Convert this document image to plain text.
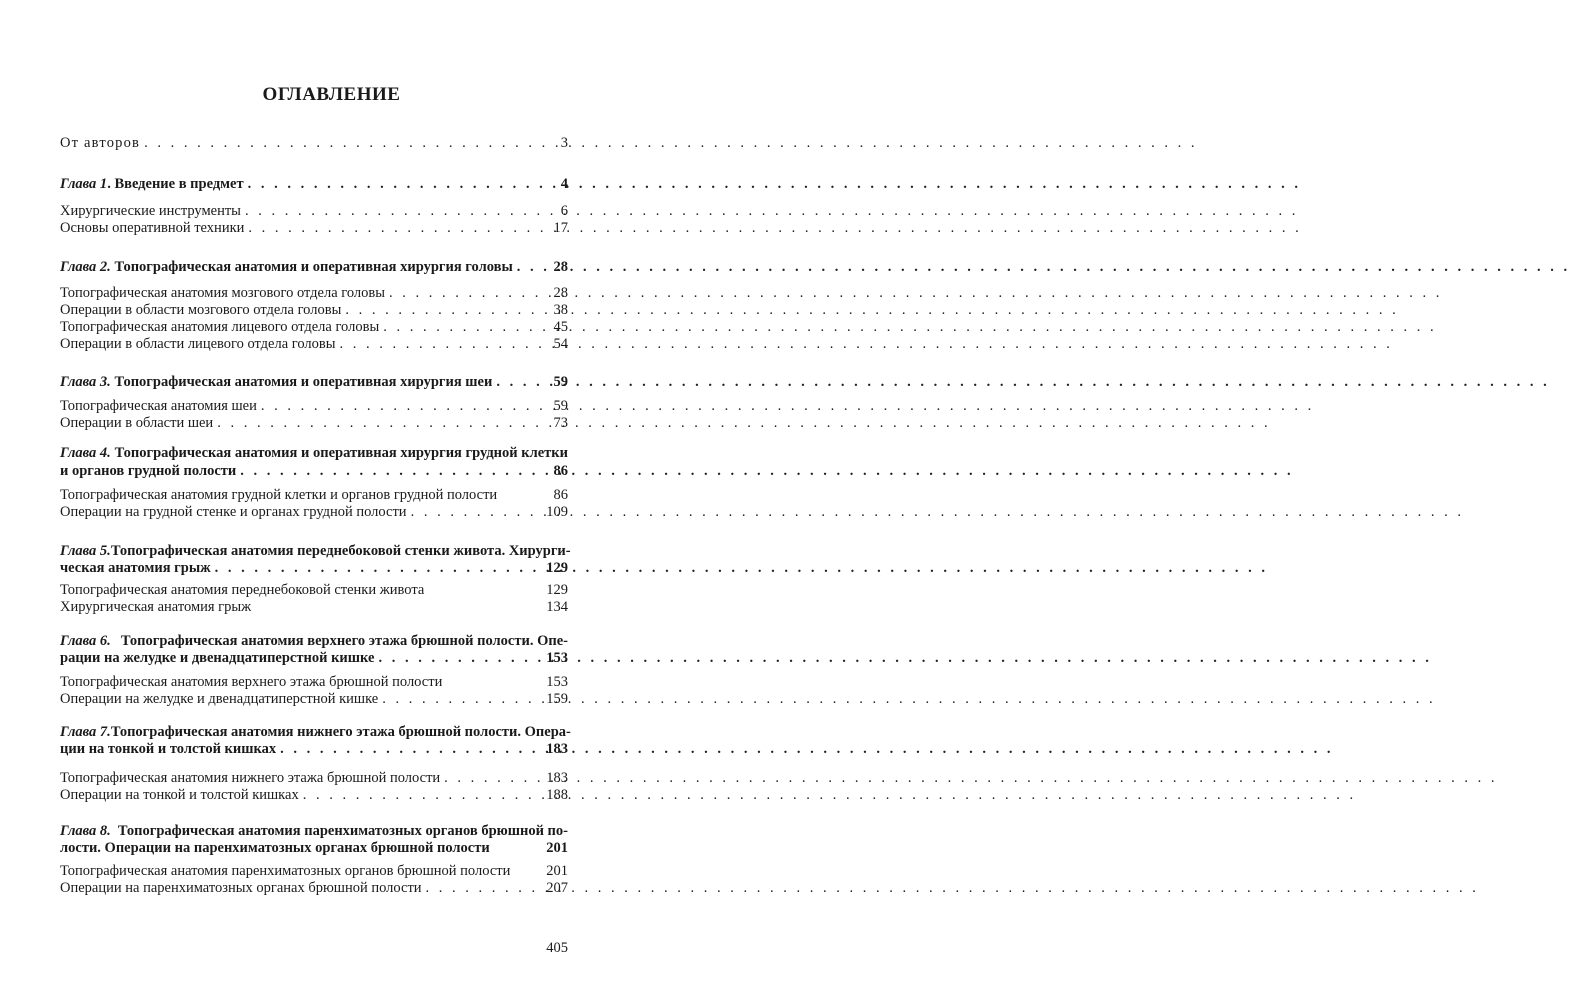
ОГЛАВЛЕНИЕ
От авторов . . .	3
Глава 1. Введение в предмет . . .	4
Хирургические инструменты . . .	6
Основы оперативной техники . . .	17
Глава 2. Топографическая анатомия и оперативная хирургия головы . . .	28
Топографическая анатомия мозгового отдела головы . . .	28
Операции в области мозгового отдела головы . . .	38
Топографическая анатомия лицевого отдела головы . . .	45
Операции в области лицевого отдела головы . . .	54
Глава 3. Топографическая анатомия и оперативная хирургия шеи . . .	59
Топографическая анатомия шеи . . .	59
Операции в области шеи . . .	73
Глава 4. Топографическая анатомия и оперативная хирургия грудной клетки
и органов грудной полости . . .	86
Топографическая анатомия грудной клетки и органов грудной полости	86
Операции на грудной стенке и органах грудной полости . . .	109
Глава 5. Топографическая анатомия переднебоковой стенки живота. Хирурги-
ческая анатомия грыж . . .	129
Топографическая анатомия переднебоковой стенки живота	129
Хирургическая анатомия грыж	134
Глава 6. Топографическая анатомия верхнего этажа брюшной полости. Опе-
рации на желудке и двенадцатиперстной кишке . . .	153
Топографическая анатомия верхнего этажа брюшной полости	153
Операции на желудке и двенадцатиперстной кишке . . .	159
Глава 7. Топографическая анатомия нижнего этажа брюшной полости. Опера-
ции на тонкой и толстой кишках . . .	183
Топографическая анатомия нижнего этажа брюшной полости . . .	183
Операции на тонкой и толстой кишках . . .	188
Глава 8. Топографическая анатомия паренхиматозных органов брюшной по-
лости. Операции на паренхиматозных органах брюшной полости	201
Топографическая анатомия паренхиматозных органов брюшной полости 201
Операции на паренхиматозных органах брюшной полости . . .	207
405
